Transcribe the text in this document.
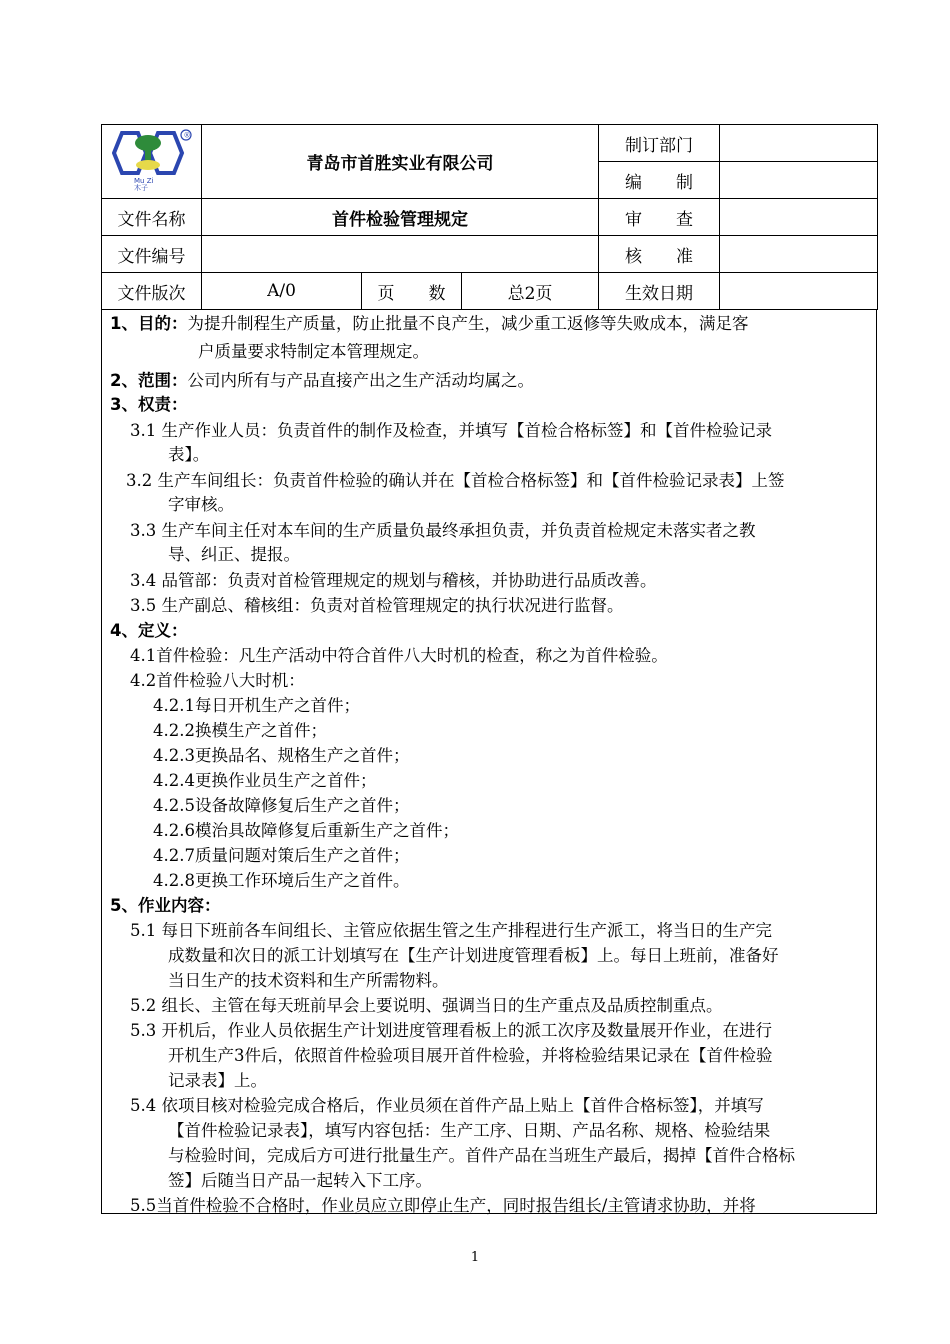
®
Mu Zi
木子	青岛市首胜实业有限公司			制订部门	
				编　　制	
文件名称	首件检验管理规定			审　　查	
文件编号				核　　准	
文件版次	A/0	页　　数	总2页	生效日期	
1、目的：为提升制程生产质量，防止批量不良产生，减少重工返修等失败成本，满足客
户质量要求特制定本管理规定。
2、范围：公司内所有与产品直接产出之生产活动均属之。
3、权责：
3.1 生产作业人员：负责首件的制作及检查，并填写【首检合格标签】和【首件检验记录
表】。
3.2 生产车间组长：负责首件检验的确认并在【首检合格标签】和【首件检验记录表】上签
字审核。
3.3 生产车间主任对本车间的生产质量负最终承担负责，并负责首检规定未落实者之教
导、纠正、提报。
3.4 品管部：负责对首检管理规定的规划与稽核，并协助进行品质改善。
3.5 生产副总、稽核组：负责对首检管理规定的执行状况进行监督。
4、定义：
4.1首件检验：凡生产活动中符合首件八大时机的检查，称之为首件检验。
4.2首件检验八大时机：
4.2.1每日开机生产之首件；
4.2.2换模生产之首件；
4.2.3更换品名、规格生产之首件；
4.2.4更换作业员生产之首件；
4.2.5设备故障修复后生产之首件；
4.2.6模治具故障修复后重新生产之首件；
4.2.7质量问题对策后生产之首件；
4.2.8更换工作环境后生产之首件。
5、作业内容：
5.1 每日下班前各车间组长、主管应依据生管之生产排程进行生产派工，将当日的生产完
成数量和次日的派工计划填写在【生产计划进度管理看板】上。每日上班前，准备好
当日生产的技术资料和生产所需物料。
5.2 组长、主管在每天班前早会上要说明、强调当日的生产重点及品质控制重点。
5.3 开机后，作业人员依据生产计划进度管理看板上的派工次序及数量展开作业，在进行
开机生产3件后，依照首件检验项目展开首件检验，并将检验结果记录在【首件检验
记录表】上。
5.4 依项目核对检验完成合格后，作业员须在首件产品上贴上【首件合格标签】，并填写
【首件检验记录表】，填写内容包括：生产工序、日期、产品名称、规格、检验结果
与检验时间，完成后方可进行批量生产。首件产品在当班生产最后，揭掉【首件合格标
签】后随当日产品一起转入下工序。
5.5当首件检验不合格时，作业员应立即停止生产，同时报告组长/主管请求协助，并将
1
